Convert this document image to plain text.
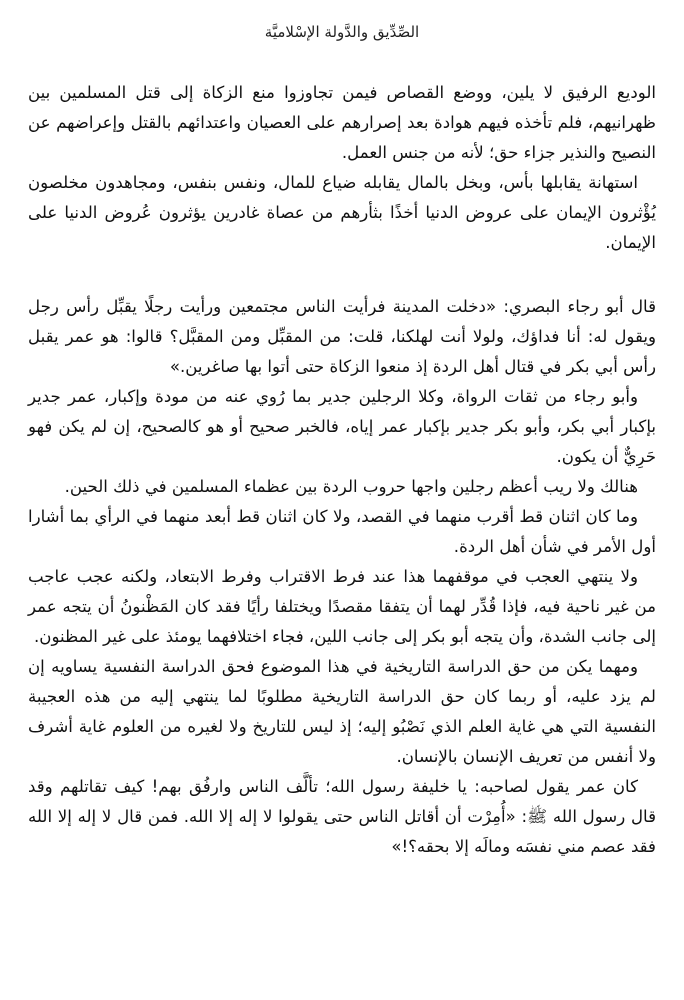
الصِّدِّيق والدَّولة الإسْلاميَّة

الوديع الرفيق لا يلين، ووضع القصاص فيمن تجاوزوا منع الزكاة إلى قتل المسلمين بين ظهرانيهم، فلم تأخذه فيهم هوادة بعد إصرارهم على العصيان واعتدائهم بالقتل وإعراضهم عن النصيح والنذير جزاء حق؛ لأنه من جنس العمل.

استهانة يقابلها بأس، وبخل بالمال يقابله ضياع للمال، ونفس بنفس، ومجاهدون مخلصون يُؤْثرون الإيمان على عروض الدنيا أخذًا بثأرهم من عصاة غادرين يؤثرون عُروض الدنيا على الإيمان.

قال أبو رجاء البصري: «دخلت المدينة فرأيت الناس مجتمعين ورأيت رجلًا يقبِّل رأس رجل ويقول له: أنا فداؤك، ولولا أنت لهلكنا، قلت: من المقبِّل ومن المقبَّل؟ قالوا: هو عمر يقبل رأس أبي بكر في قتال أهل الردة إذ منعوا الزكاة حتى أتوا بها صاغرين.»

وأبو رجاء من ثقات الرواة، وكلا الرجلين جدير بما رُوي عنه من مودة وإكبار، عمر جدير بإكبار أبي بكر، وأبو بكر جدير بإكبار عمر إياه، فالخبر صحيح أو هو كالصحيح، إن لم يكن فهو حَرِيٌّ أن يكون.

هنالك ولا ريب أعظم رجلين واجها حروب الردة بين عظماء المسلمين في ذلك الحين.

وما كان اثنان قط أقرب منهما في القصد، ولا كان اثنان قط أبعد منهما في الرأي بما أشارا أول الأمر في شأن أهل الردة.

ولا ينتهي العجب في موقفهما هذا عند فرط الاقتراب وفرط الابتعاد، ولكنه عجب عاجب من غير ناحية فيه، فإذا قُدِّر لهما أن يتفقا مقصدًا ويختلفا رأيًا فقد كان المَظْنونُ أن يتجه عمر إلى جانب الشدة، وأن يتجه أبو بكر إلى جانب اللين، فجاء اختلافهما يومئذ على غير المظنون.

ومهما يكن من حق الدراسة التاريخية في هذا الموضوع فحق الدراسة النفسية يساويه إن لم يزد عليه، أو ربما كان حق الدراسة التاريخية مطلوبًا لما ينتهي إليه من هذه العجيبة النفسية التي هي غاية العلم الذي نَصْبُو إليه؛ إذ ليس للتاريخ ولا لغيره من العلوم غاية أشرف ولا أنفس من تعريف الإنسان بالإنسان.

كان عمر يقول لصاحبه: يا خليفة رسول الله؛ تألَّف الناس وارفُق بهم! كيف تقاتلهم وقد قال رسول الله ﷺ: «أُمِرْت أن أقاتل الناس حتى يقولوا لا إله إلا الله. فمن قال لا إله إلا الله فقد عصم مني نفسَه ومالَه إلا بحقه؟!»
